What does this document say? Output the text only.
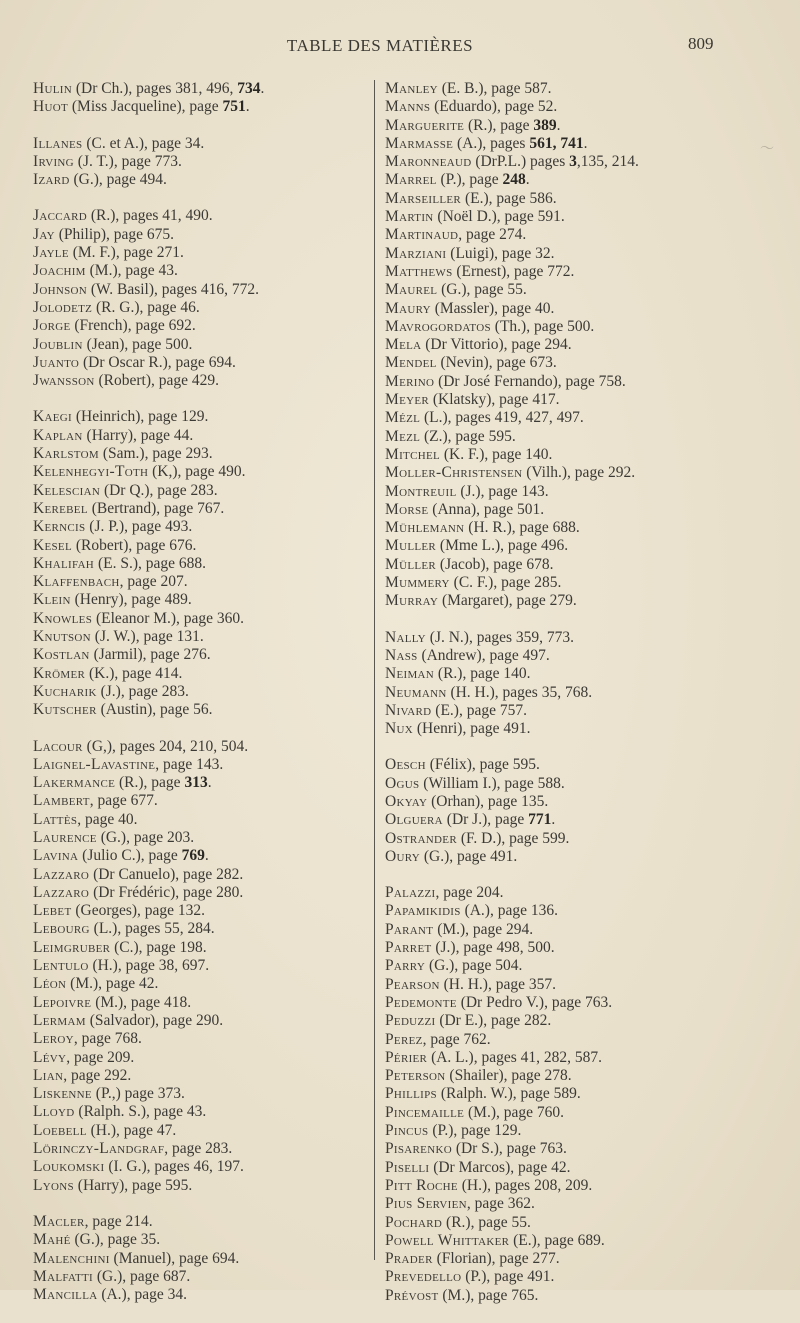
TABLE DES MATIÈRES	809
Hulin (Dr Ch.), pages 381, 496, 734.
Huot (Miss Jacqueline), page 751.
Illanes (C. et A.), page 34.
Irving (J. T.), page 773.
Izard (G.), page 494.
Jaccard (R.), pages 41, 490.
Jay (Philip), page 675.
Jayle (M. F.), page 271.
Joachim (M.), page 43.
Johnson (W. Basil), pages 416, 772.
Jolodetz (R. G.), page 46.
Jorge (French), page 692.
Joublin (Jean), page 500.
Juanto (Dr Oscar R.), page 694.
Jwansson (Robert), page 429.
Kaegi (Heinrich), page 129.
Kaplan (Harry), page 44.
Karlstom (Sam.), page 293.
Kelenhegyi-Toth (K,), page 490.
Kelescian (Dr Q.), page 283.
Kerebel (Bertrand), page 767.
Kerncis (J. P.), page 493.
Kesel (Robert), page 676.
Khalifah (E. S.), page 688.
Klaffenbach, page 207.
Klein (Henry), page 489.
Knowles (Eleanor M.), page 360.
Knutson (J. W.), page 131.
Kostlan (Jarmil), page 276.
Krömer (K.), page 414.
Kucharik (J.), page 283.
Kutscher (Austin), page 56.
Lacour (G,), pages 204, 210, 504.
Laignel-Lavastine, page 143.
Lakermance (R.), page 313.
Lambert, page 677.
Lattès, page 40.
Laurence (G.), page 203.
Lavina (Julio C.), page 769.
Lazzaro (Dr Canuelo), page 282.
Lazzaro (Dr Frédéric), page 280.
Lebet (Georges), page 132.
Lebourg (L.), pages 55, 284.
Leimgruber (C.), page 198.
Lentulo (H.), page 38, 697.
Léon (M.), page 42.
Lepoivre (M.), page 418.
Lermam (Salvador), page 290.
Leroy, page 768.
Lévy, page 209.
Lian, page 292.
Liskenne (P.,) page 373.
Lloyd (Ralph. S.), page 43.
Loebell (H.), page 47.
Lörinczy-Landgraf, page 283.
Loukomski (I. G.), pages 46, 197.
Lyons (Harry), page 595.
Macler, page 214.
Mahé (G.), page 35.
Malenchini (Manuel), page 694.
Malfatti (G.), page 687.
Mancilla (A.), page 34.
Manley (E. B.), page 587.
Manns (Eduardo), page 52.
Marguerite (R.), page 389.
Marmasse (A.), pages 561, 741.
Maronneaud (DrP.L.) pages 3,135, 214.
Marrel (P.), page 248.
Marseiller (E.), page 586.
Martin (Noël D.), page 591.
Martinaud, page 274.
Marziani (Luigi), page 32.
Matthews (Ernest), page 772.
Maurel (G.), page 55.
Maury (Massler), page 40.
Mavrogordatos (Th.), page 500.
Mela (Dr Vittorio), page 294.
Mendel (Nevin), page 673.
Merino (Dr José Fernando), page 758.
Meyer (Klatsky), page 417.
Mézl (L.), pages 419, 427, 497.
Mezl (Z.), page 595.
Mitchel (K. F.), page 140.
Moller-Christensen (Vilh.), page 292.
Montreuil (J.), page 143.
Morse (Anna), page 501.
Mühlemann (H. R.), page 688.
Muller (Mme L.), page 496.
Müller (Jacob), page 678.
Mummery (C. F.), page 285.
Murray (Margaret), page 279.
Nally (J. N.), pages 359, 773.
Nass (Andrew), page 497.
Neiman (R.), page 140.
Neumann (H. H.), pages 35, 768.
Nivard (E.), page 757.
Nux (Henri), page 491.
Oesch (Félix), page 595.
Ogus (William I.), page 588.
Okyay (Orhan), page 135.
Olguera (Dr J.), page 771.
Ostrander (F. D.), page 599.
Oury (G.), page 491.
Palazzi, page 204.
Papamikidis (A.), page 136.
Parant (M.), page 294.
Parret (J.), page 498, 500.
Parry (G.), page 504.
Pearson (H. H.), page 357.
Pedemonte (Dr Pedro V.), page 763.
Peduzzi (Dr E.), page 282.
Perez, page 762.
Périer (A. L.), pages 41, 282, 587.
Peterson (Shailer), page 278.
Phillips (Ralph. W.), page 589.
Pincemaille (M.), page 760.
Pincus (P.), page 129.
Pisarenko (Dr S.), page 763.
Piselli (Dr Marcos), page 42.
Pitt Roche (H.), pages 208, 209.
Pius Servien, page 362.
Pochard (R.), page 55.
Powell Whittaker (E.), page 689.
Prader (Florian), page 277.
Prevedello (P.), page 491.
Prévost (M.), page 765.
〜
